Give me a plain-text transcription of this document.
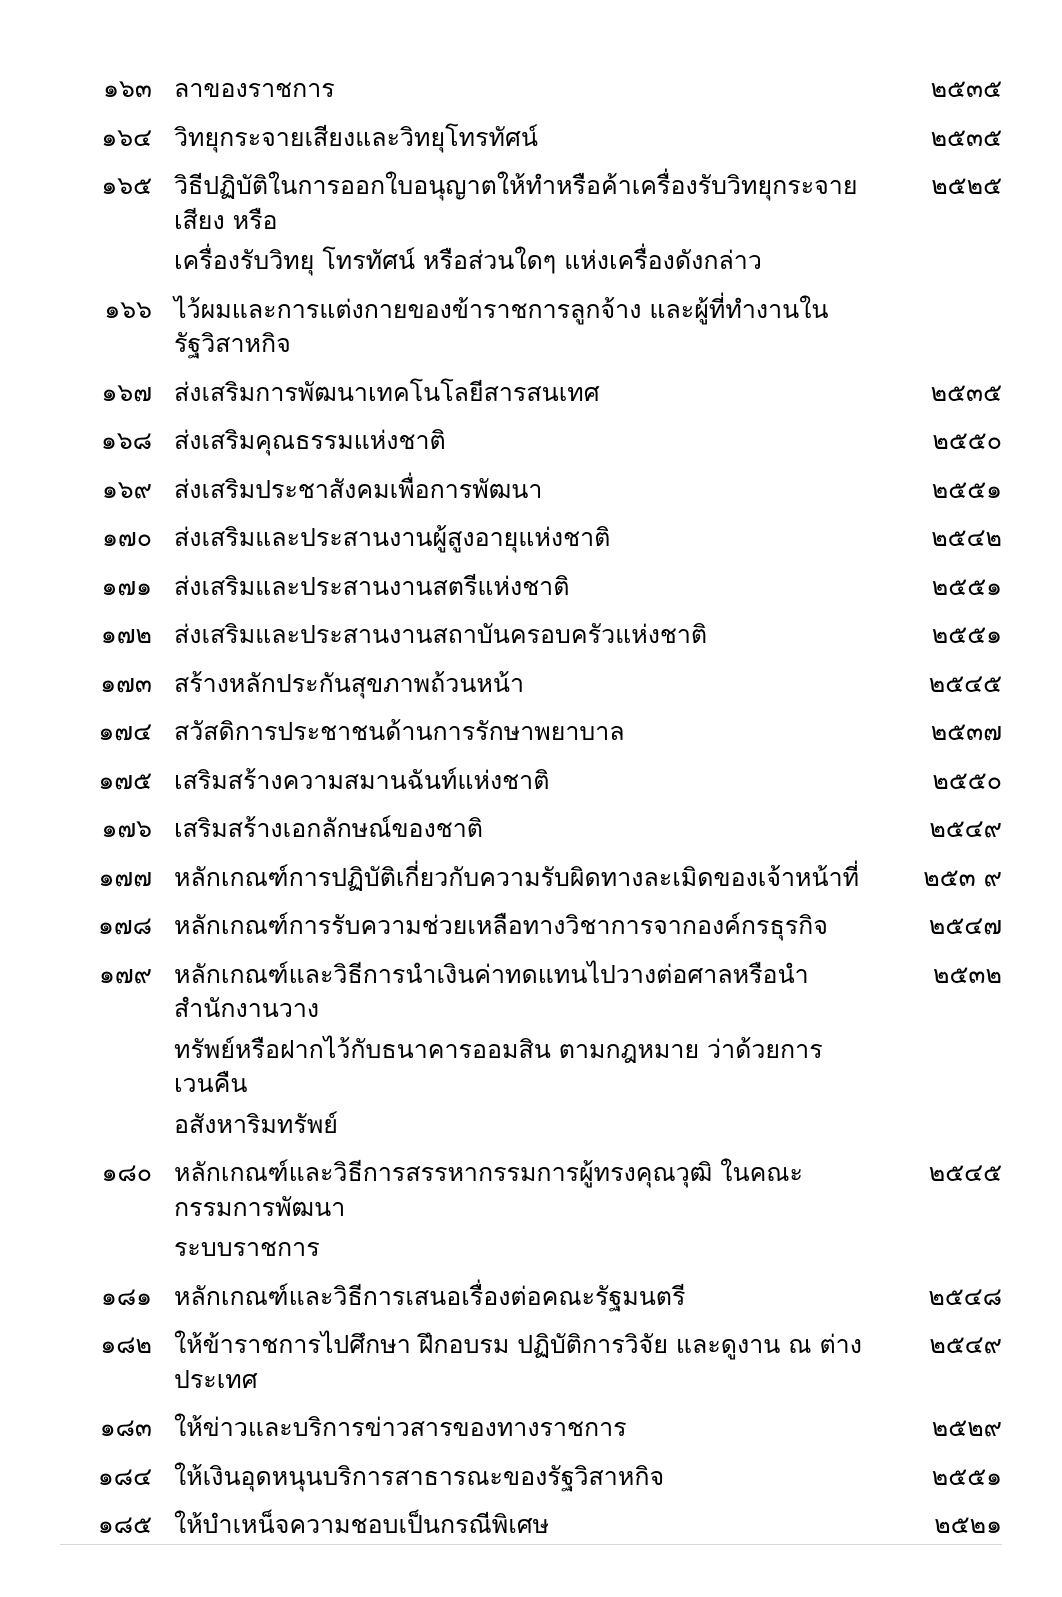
๑๖๓	ลาของราชการ	๒๕๓๕
๑๖๔	วิทยุกระจายเสียงและวิทยุโทรทัศน์	๒๕๓๕
๑๖๕	วิธีปฏิบัติในการออกใบอนุญาตให้ทำหรือค้าเครื่องรับวิทยุกระจายเสียง หรือ
เครื่องรับวิทยุ โทรทัศน์ หรือส่วนใดๆ แห่งเครื่องดังกล่าว	๒๕๒๕
๑๖๖	ไว้ผมและการแต่งกายของข้าราชการลูกจ้าง และผู้ที่ทำงานในรัฐวิสาหกิจ	

๑๖๗	ส่งเสริมการพัฒนาเทคโนโลยีสารสนเทศ	๒๕๓๕
๑๖๘	ส่งเสริมคุณธรรมแห่งชาติ	๒๕๕๐
๑๖๙	ส่งเสริมประชาสังคมเพื่อการพัฒนา	๒๕๕๑
๑๗๐	ส่งเสริมและประสานงานผู้สูงอายุแห่งชาติ	๒๕๔๒
๑๗๑	ส่งเสริมและประสานงานสตรีแห่งชาติ	๒๕๕๑
๑๗๒	ส่งเสริมและประสานงานสถาบันครอบครัวแห่งชาติ	๒๕๕๑
๑๗๓	สร้างหลักประกันสุขภาพถ้วนหน้า	๒๕๔๕
๑๗๔	สวัสดิการประชาชนด้านการรักษาพยาบาล	๒๕๓๗
๑๗๕	เสริมสร้างความสมานฉันท์แห่งชาติ	๒๕๕๐
๑๗๖	เสริมสร้างเอกลักษณ์ของชาติ	๒๕๔๙
๑๗๗	หลักเกณฑ์การปฏิบัติเกี่ยวกับความรับผิดทางละเมิดของเจ้าหน้าที่	๒๕๓ ๙
๑๗๘	หลักเกณฑ์การรับความช่วยเหลือทางวิชาการจากองค์กรธุรกิจ	๒๕๔๗
๑๗๙	หลักเกณฑ์และวิธีการนำเงินค่าทดแทนไปวางต่อศาลหรือนำสำนักงานวาง
ทรัพย์หรือฝากไว้กับธนาคารออมสิน ตามกฎหมาย ว่าด้วยการเวนคืน
อสังหาริมทรัพย์	๒๕๓๒
๑๘๐	หลักเกณฑ์และวิธีการสรรหากรรมการผู้ทรงคุณวุฒิ ในคณะกรรมการพัฒนา
ระบบราชการ	๒๕๔๕
๑๘๑	หลักเกณฑ์และวิธีการเสนอเรื่องต่อคณะรัฐมนตรี	๒๕๔๘
๑๘๒	ให้ข้าราชการไปศึกษา ฝึกอบรม ปฏิบัติการวิจัย และดูงาน ณ ต่างประเทศ	๒๕๔๙
๑๘๓	ให้ข่าวและบริการข่าวสารของทางราชการ	๒๕๒๙
๑๘๔	ให้เงินอุดหนุนบริการสาธารณะของรัฐวิสาหกิจ	๒๕๕๑
๑๘๕	ให้บำเหน็จความชอบเป็นกรณีพิเศษ	๒๕๒๑
